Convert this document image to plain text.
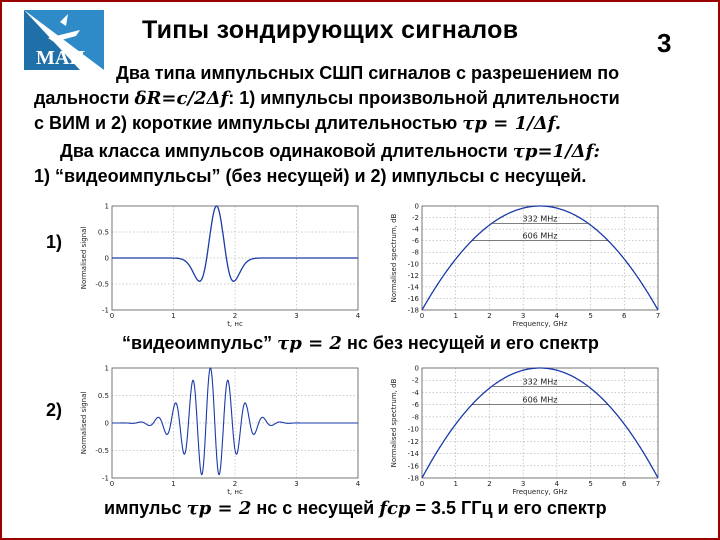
МАИ
Типы зондирующих сигналов	3
Два типа импульсных СШП сигналов с разрешением по
дальности δR=c/2Δf: 1) импульсы произвольной длительности
с ВИМ и 2) короткие импульсы длительностью τp = 1/Δf.
Два класса импульсов одинаковой длительности τp=1/Δf:
1) “видеоимпульсы” (без несущей) и 2) импульсы с несущей.
1)
2)
0	1	2	3	4
1
0.5
0
-0.5
-1
t, нс
Normalised signal
0	1	2	3	4	5	6	7
0
-2
-4
-6
-8
-10
-12
-14
-16
-18
Frequency, GHz
Normalised spectrum, dB	332 MHz
606 MHz
0	1	2	3	4
1
0.5
0
-0.5
-1
t, нс
Normalised signal
0	1	2	3	4	5	6	7
0
-2
-4
-6
-8
-10
-12
-14
-16
-18
Frequency, GHz
Normalised spectrum, dB	332 MHz
606 MHz
“видеоимпульс” τp = 2 нс без несущей и его спектр
импульс τp = 2 нс с несущей fcp = 3.5 ГГц и его спектр
